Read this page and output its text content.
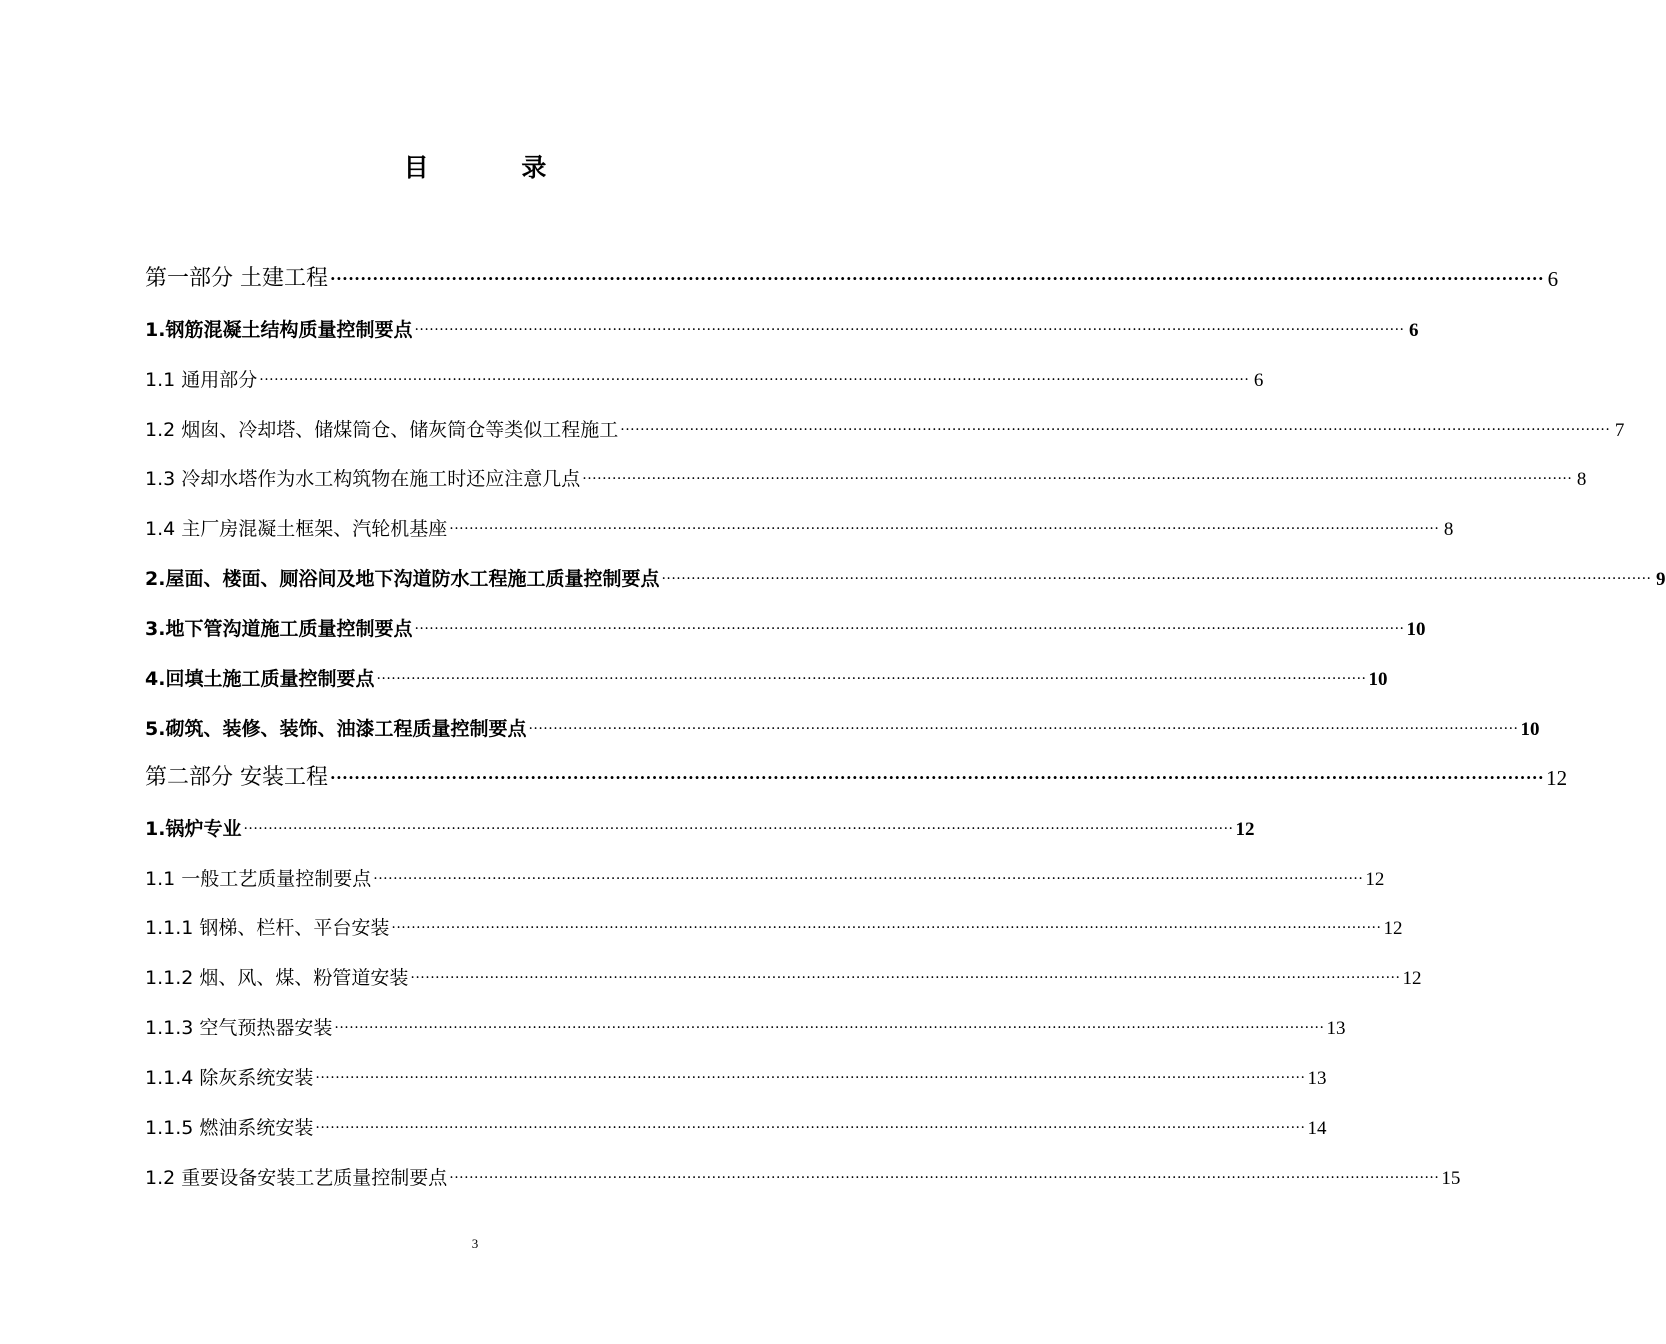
目 录
第一部分 土建工程 ········································································································································································································ 6
1.钢筋混凝土结构质量控制要点 ········································································································································································································ 6
1.1 通用部分 ········································································································································································································ 6
1.2 烟囱、冷却塔、储煤筒仓、储灰筒仓等类似工程施工 ········································································································································································································ 7
1.3 冷却水塔作为水工构筑物在施工时还应注意几点 ········································································································································································································ 8
1.4 主厂房混凝土框架、汽轮机基座 ········································································································································································································ 8
2.屋面、楼面、厕浴间及地下沟道防水工程施工质量控制要点 ········································································································································································································ 9
3.地下管沟道施工质量控制要点 ········································································································································································································ 10
4.回填土施工质量控制要点 ········································································································································································································ 10
5.砌筑、装修、装饰、油漆工程质量控制要点 ········································································································································································································ 10
第二部分 安装工程 ········································································································································································································ 12
1.锅炉专业 ········································································································································································································ 12
1.1 一般工艺质量控制要点 ········································································································································································································ 12
1.1.1 钢梯、栏杆、平台安装 ········································································································································································································ 12
1.1.2 烟、风、煤、粉管道安装 ········································································································································································································ 12
1.1.3 空气预热器安装 ········································································································································································································ 13
1.1.4 除灰系统安装 ········································································································································································································ 13
1.1.5 燃油系统安装 ········································································································································································································ 14
1.2 重要设备安装工艺质量控制要点 ········································································································································································································ 15
3
